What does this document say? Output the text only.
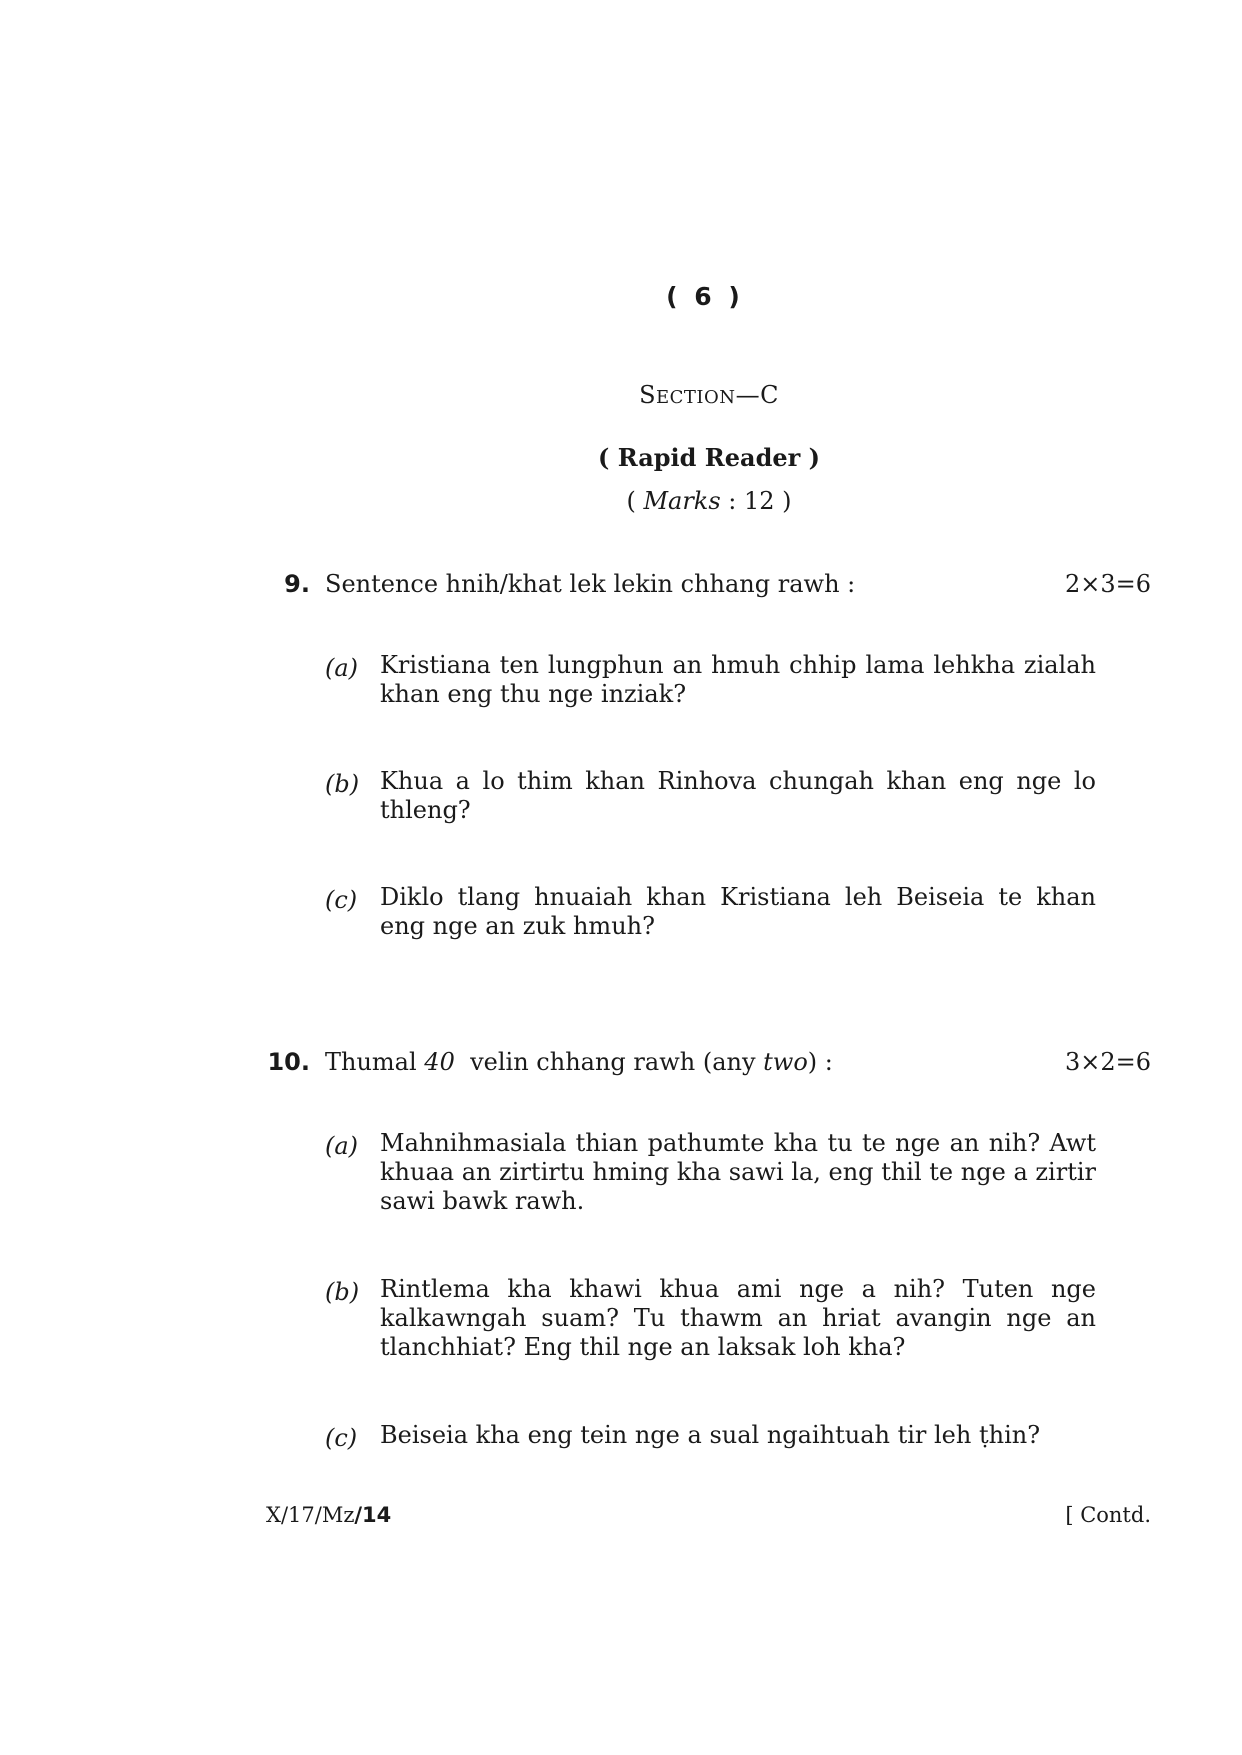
( 6 )
SECTION—C
( Rapid Reader )
( Marks : 12 )
9. Sentence hnih/khat lek lekin chhang rawh :	2×3=6
(a) Kristiana ten lungphun an hmuh chhip lama lehkha zialah khan eng thu nge inziak?
(b) Khua a lo thim khan Rinhova chungah khan eng nge lo thleng?
(c) Diklo tlang hnuaiah khan Kristiana leh Beiseia te khan eng nge an zuk hmuh?
10. Thumal 40  velin chhang rawh (any two) :	3×2=6
(a) Mahnihmasiala thian pathumte kha tu te nge an nih? Awt khuaa an zirtirtu hming kha sawi la, eng thil te nge a zirtir sawi bawk rawh.
(b) Rintlema kha khawi khua ami nge a nih? Tuten nge kalkawngah suam? Tu thawm an hriat avangin nge an tlanchhiat? Eng thil nge an laksak loh kha?
(c) Beiseia kha eng tein nge a sual ngaihtuah tir leh ṭhin?
X/17/Mz/14	[ Contd.
